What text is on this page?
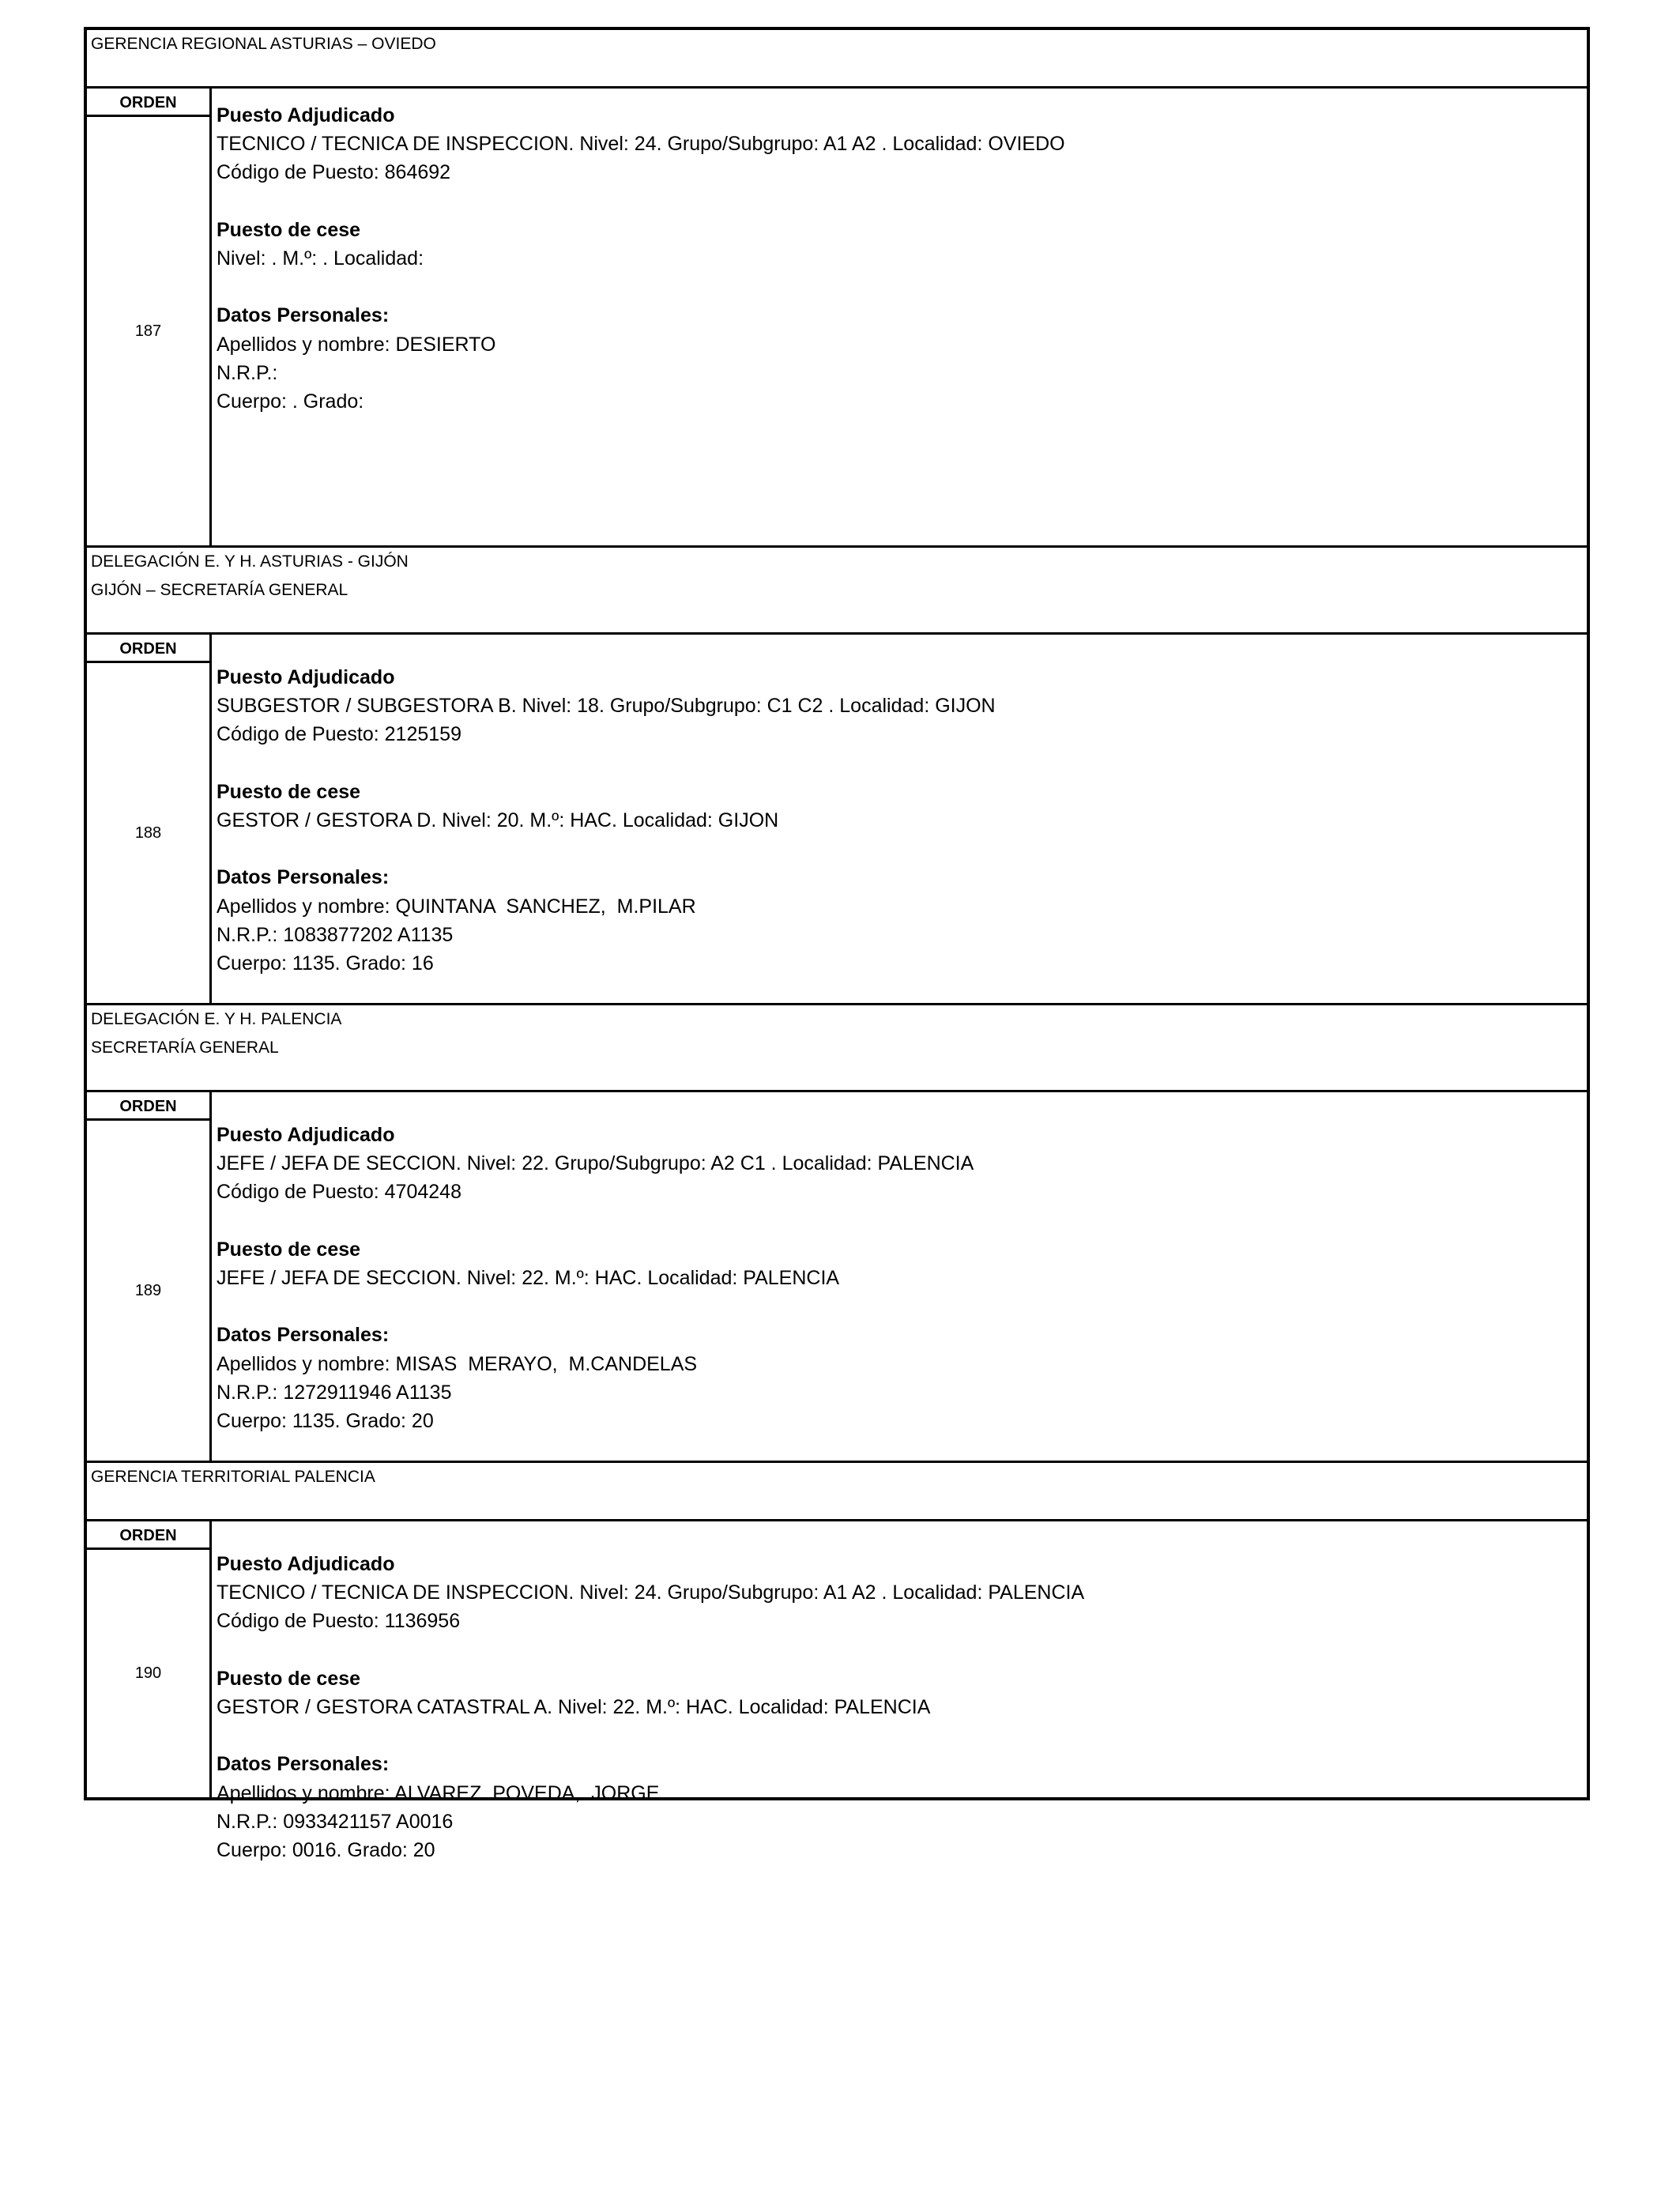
GERENCIA REGIONAL ASTURIAS – OVIEDO
ORDEN
187
Puesto Adjudicado
TECNICO / TECNICA DE INSPECCION. Nivel: 24. Grupo/Subgrupo: A1 A2 . Localidad: OVIEDO
Código de Puesto: 864692
Puesto de cese
Nivel: . M.º: . Localidad:
Datos Personales:
Apellidos y nombre: DESIERTO
N.R.P.:
Cuerpo: . Grado:
DELEGACIÓN E. Y H. ASTURIAS - GIJÓN
GIJÓN – SECRETARÍA GENERAL
ORDEN
188
Puesto Adjudicado
SUBGESTOR / SUBGESTORA B. Nivel: 18. Grupo/Subgrupo: C1 C2 . Localidad: GIJON
Código de Puesto: 2125159
Puesto de cese
GESTOR / GESTORA D. Nivel: 20. M.º: HAC. Localidad: GIJON
Datos Personales:
Apellidos y nombre: QUINTANA  SANCHEZ,  M.PILAR
N.R.P.: 1083877202 A1135
Cuerpo: 1135. Grado: 16
DELEGACIÓN E. Y H. PALENCIA
SECRETARÍA GENERAL
ORDEN
189
Puesto Adjudicado
JEFE / JEFA DE SECCION. Nivel: 22. Grupo/Subgrupo: A2 C1 . Localidad: PALENCIA
Código de Puesto: 4704248
Puesto de cese
JEFE / JEFA DE SECCION. Nivel: 22. M.º: HAC. Localidad: PALENCIA
Datos Personales:
Apellidos y nombre: MISAS  MERAYO,  M.CANDELAS
N.R.P.: 1272911946 A1135
Cuerpo: 1135. Grado: 20
GERENCIA TERRITORIAL PALENCIA
ORDEN
190
Puesto Adjudicado
TECNICO / TECNICA DE INSPECCION. Nivel: 24. Grupo/Subgrupo: A1 A2 . Localidad: PALENCIA
Código de Puesto: 1136956
Puesto de cese
GESTOR / GESTORA CATASTRAL A. Nivel: 22. M.º: HAC. Localidad: PALENCIA
Datos Personales:
Apellidos y nombre: ALVAREZ  POVEDA,  JORGE
N.R.P.: 0933421157 A0016
Cuerpo: 0016. Grado: 20
